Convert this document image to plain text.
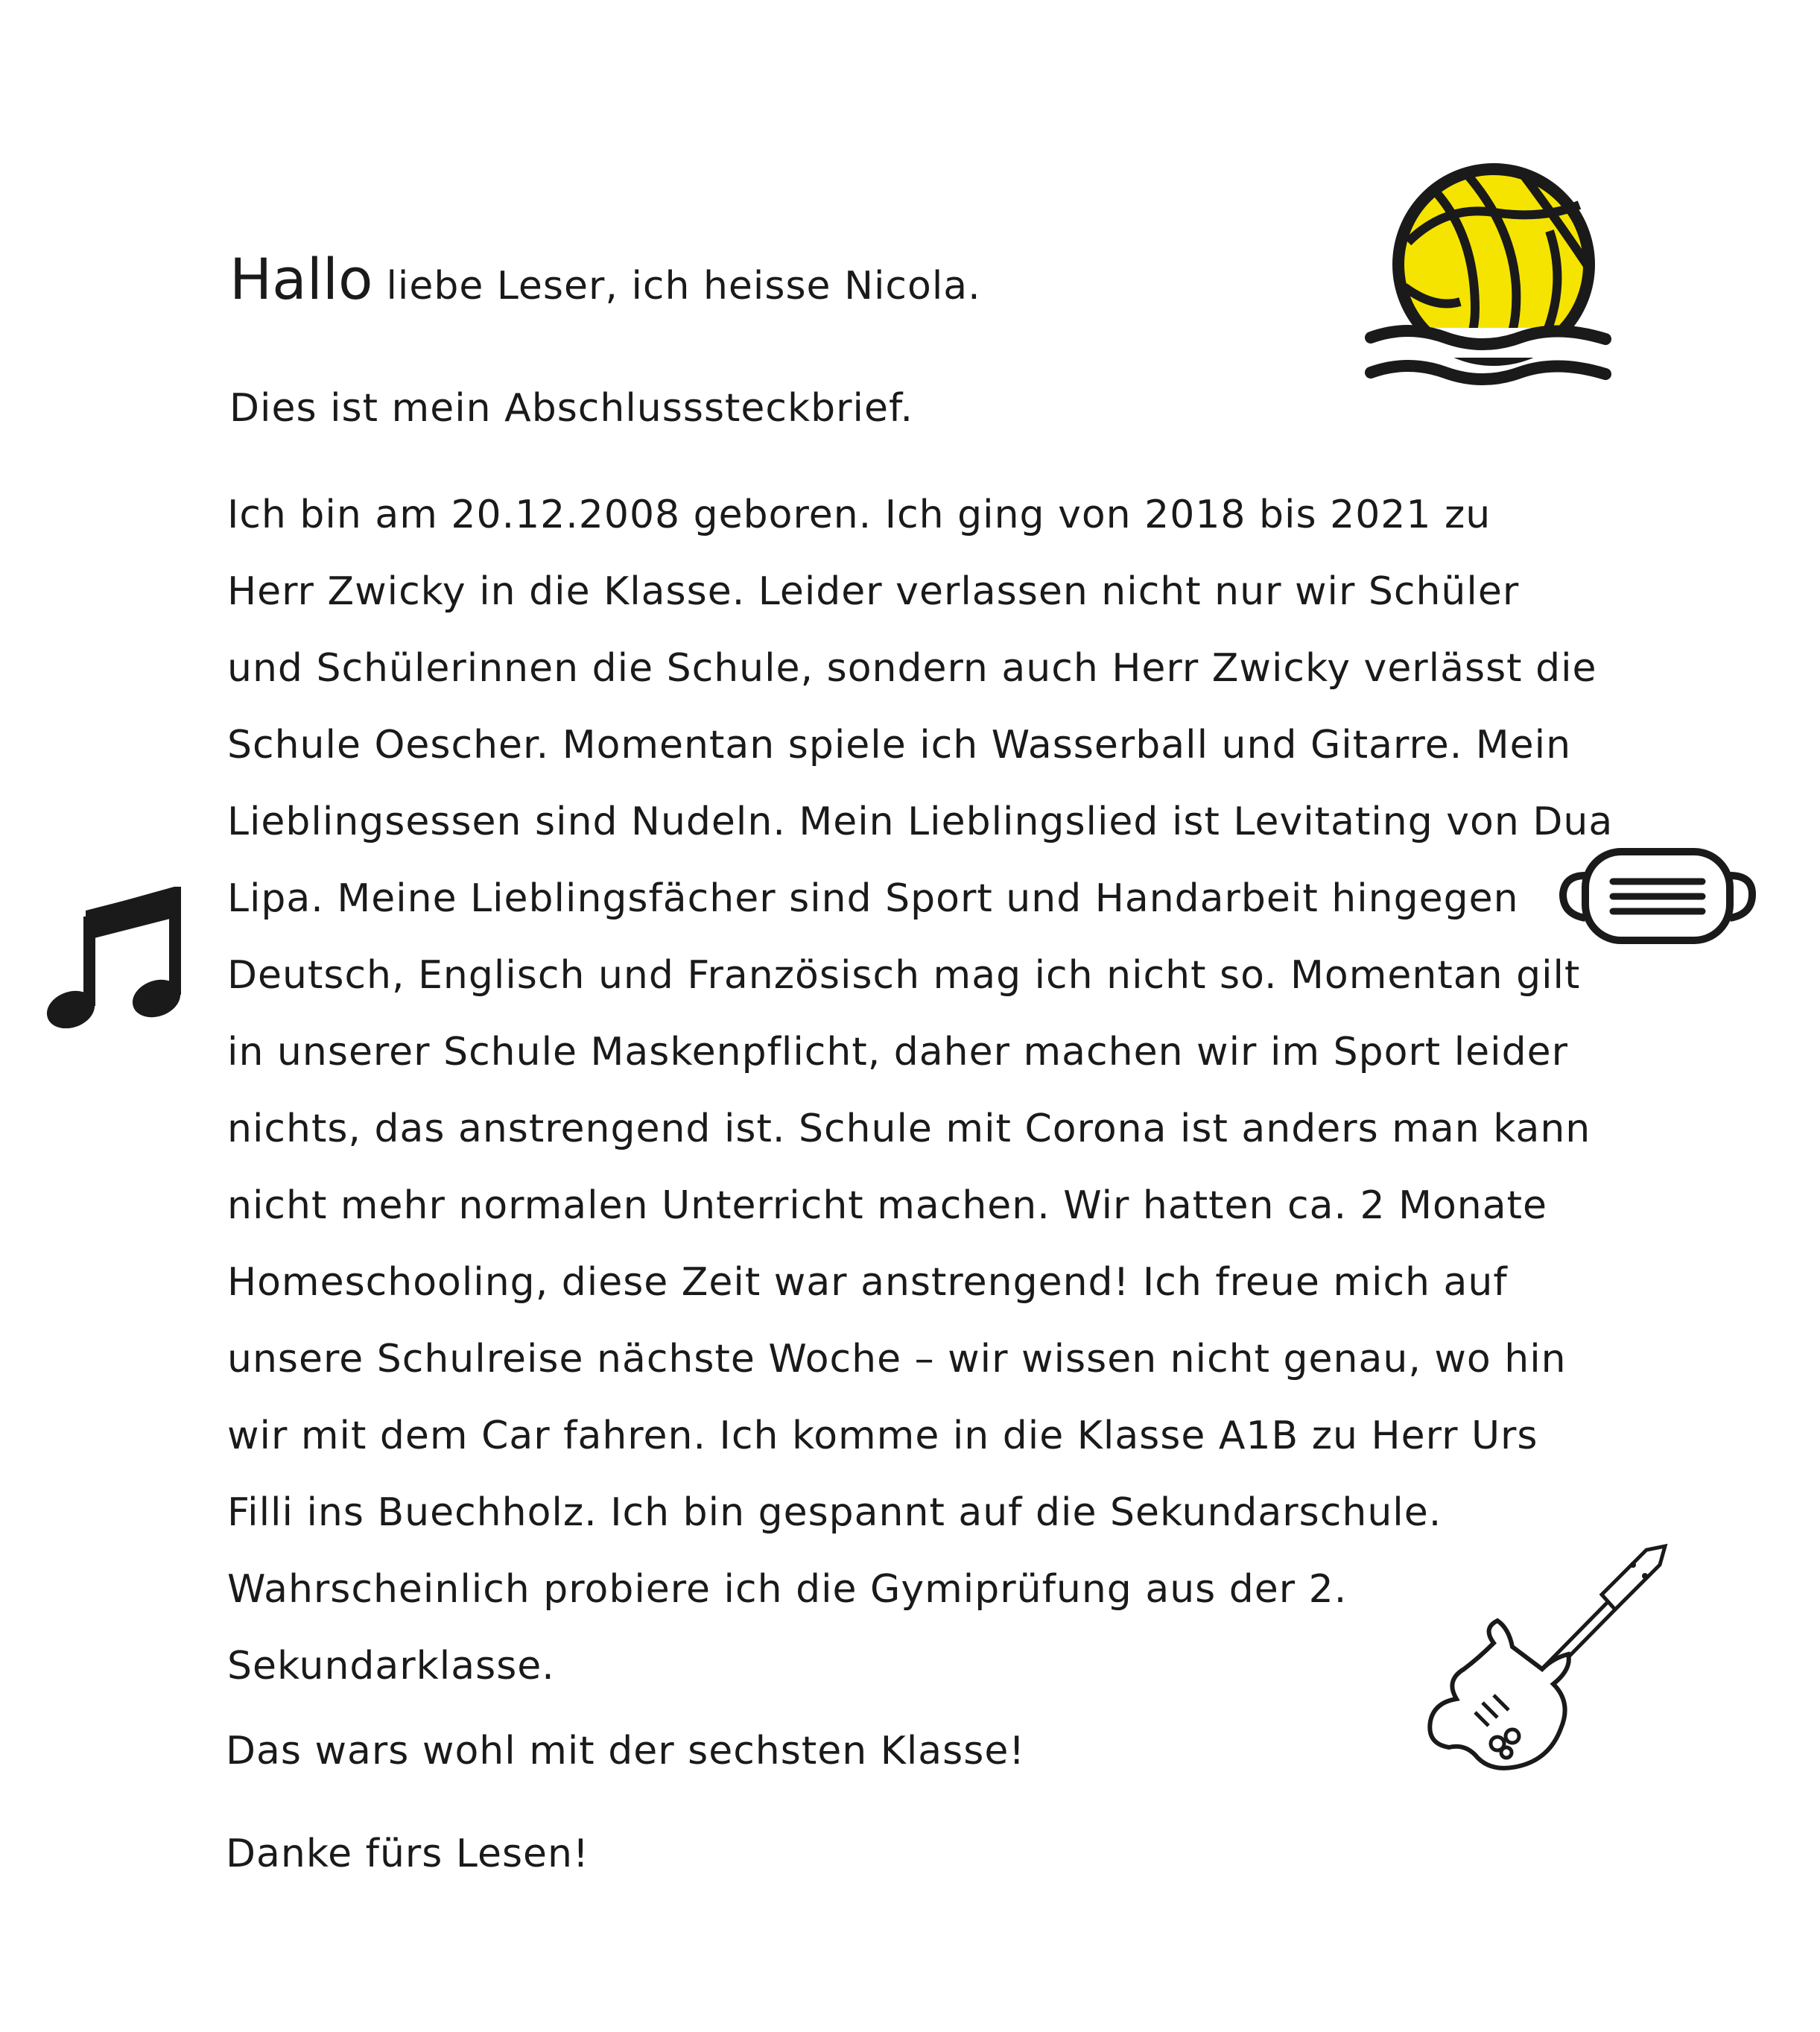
Hallo liebe Leser, ich heisse Nicola.
Dies ist mein Abschlusssteckbrief.
Ich bin am 20.12.2008 geboren. Ich ging von 2018 bis 2021 zu
Herr Zwicky in die Klasse. Leider verlassen nicht nur wir Schüler
und Schülerinnen die Schule, sondern auch Herr Zwicky verlässt die
Schule Oescher. Momentan spiele ich Wasserball und Gitarre. Mein
Lieblingsessen sind Nudeln. Mein Lieblingslied ist Levitating von Dua
Lipa. Meine Lieblingsfächer sind Sport und Handarbeit hingegen
Deutsch, Englisch und Französisch mag ich nicht so. Momentan gilt
in unserer Schule Maskenpflicht, daher machen wir im Sport leider
nichts, das anstrengend ist. Schule mit Corona ist anders man kann
nicht mehr normalen Unterricht machen. Wir hatten ca. 2 Monate
Homeschooling, diese Zeit war anstrengend! Ich freue mich auf
unsere Schulreise nächste Woche – wir wissen nicht genau, wo hin
wir mit dem Car fahren. Ich komme in die Klasse A1B zu Herr Urs
Filli ins Buechholz. Ich bin gespannt auf die Sekundarschule.
Wahrscheinlich probiere ich die Gymiprüfung aus der 2.
Sekundarklasse.
Das wars wohl mit der sechsten Klasse!
Danke fürs Lesen!
